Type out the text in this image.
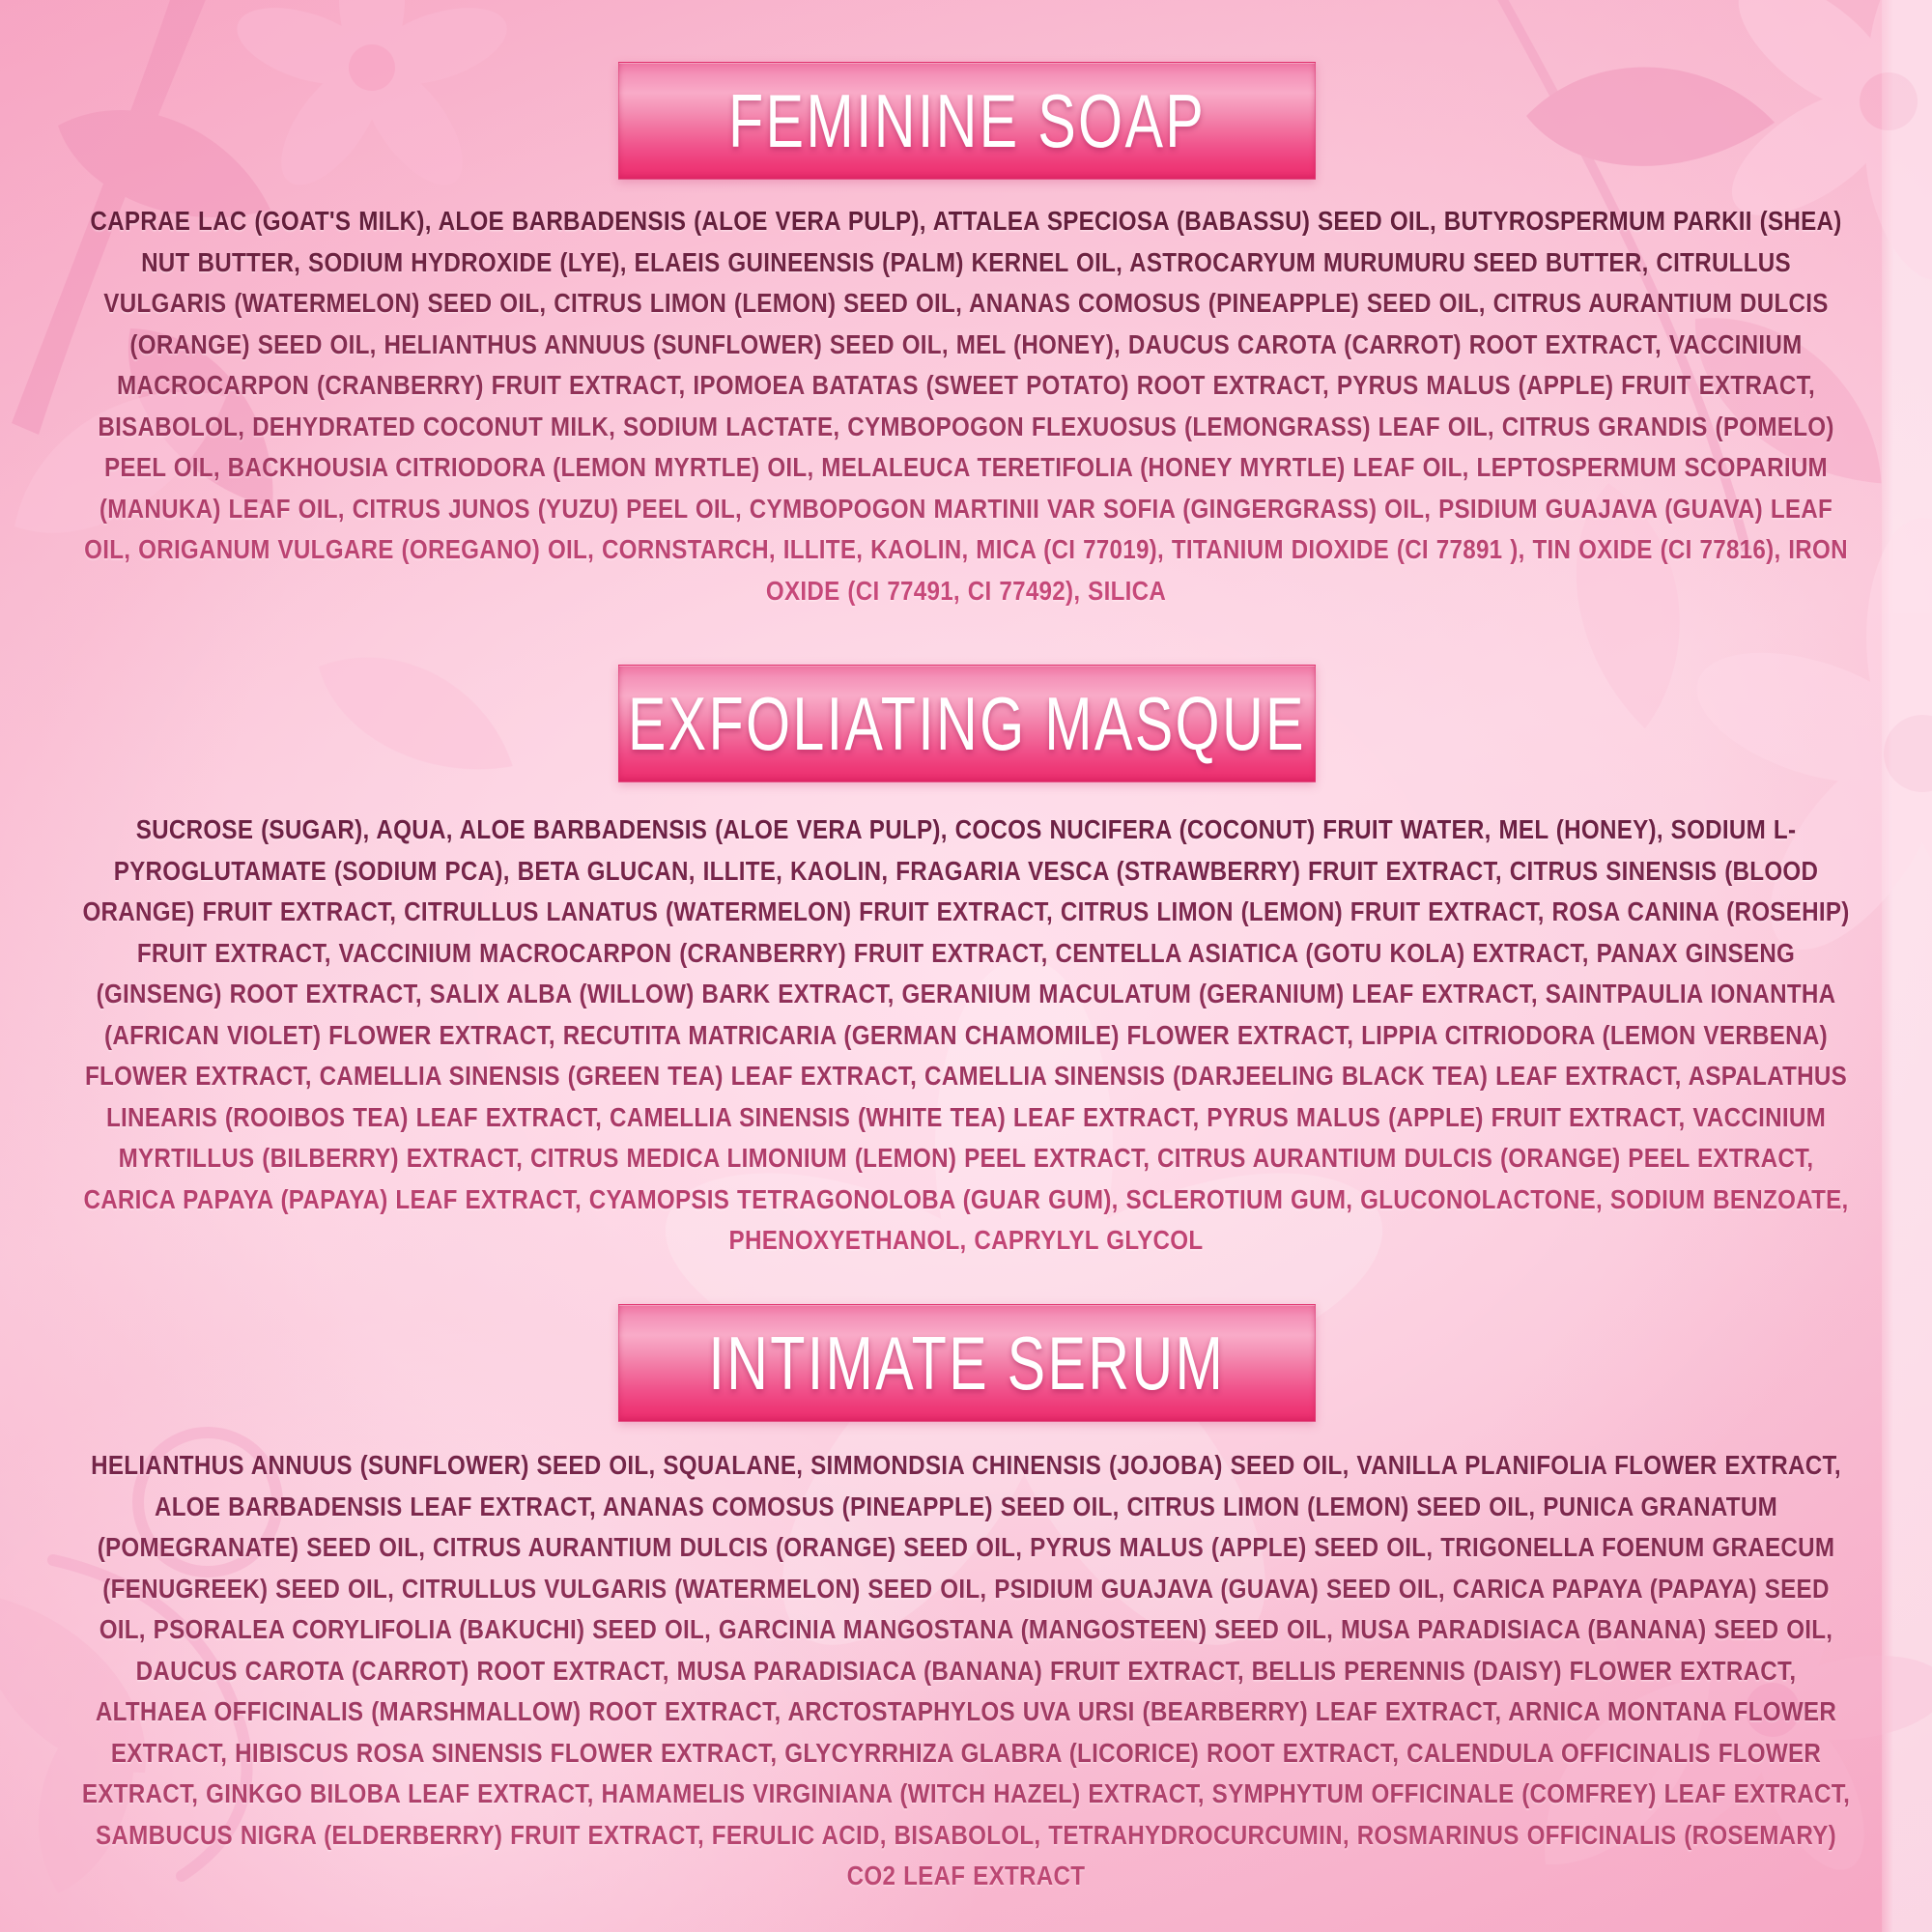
FEMININE SOAP

CAPRAE LAC (GOAT'S MILK), ALOE BARBADENSIS (ALOE VERA PULP), ATTALEA SPECIOSA (BABASSU) SEED OIL, BUTYROSPERMUM PARKII (SHEA) NUT BUTTER, SODIUM HYDROXIDE (LYE), ELAEIS GUINEENSIS (PALM) KERNEL OIL, ASTROCARYUM MURUMURU SEED BUTTER, CITRULLUS VULGARIS (WATERMELON) SEED OIL, CITRUS LIMON (LEMON) SEED OIL, ANANAS COMOSUS (PINEAPPLE) SEED OIL, CITRUS AURANTIUM DULCIS (ORANGE) SEED OIL, HELIANTHUS ANNUUS (SUNFLOWER) SEED OIL, MEL (HONEY), DAUCUS CAROTA (CARROT) ROOT EXTRACT, VACCINIUM MACROCARPON (CRANBERRY) FRUIT EXTRACT, IPOMOEA BATATAS (SWEET POTATO) ROOT EXTRACT, PYRUS MALUS (APPLE) FRUIT EXTRACT, BISABOLOL, DEHYDRATED COCONUT MILK, SODIUM LACTATE, CYMBOPOGON FLEXUOSUS (LEMONGRASS) LEAF OIL, CITRUS GRANDIS (POMELO) PEEL OIL, BACKHOUSIA CITRIODORA (LEMON MYRTLE) OIL, MELALEUCA TERETIFOLIA (HONEY MYRTLE) LEAF OIL, LEPTOSPERMUM SCOPARIUM (MANUKA) LEAF OIL, CITRUS JUNOS (YUZU) PEEL OIL, CYMBOPOGON MARTINII VAR SOFIA (GINGERGRASS) OIL, PSIDIUM GUAJAVA (GUAVA) LEAF OIL, ORIGANUM VULGARE (OREGANO) OIL, CORNSTARCH, ILLITE, KAOLIN, MICA (CI 77019), TITANIUM DIOXIDE (CI 77891 ), TIN OXIDE (CI 77816), IRON OXIDE (CI 77491, CI 77492), SILICA

EXFOLIATING MASQUE

SUCROSE (SUGAR), AQUA, ALOE BARBADENSIS (ALOE VERA PULP), COCOS NUCIFERA (COCONUT) FRUIT WATER, MEL (HONEY), SODIUM L-PYROGLUTAMATE (SODIUM PCA), BETA GLUCAN, ILLITE, KAOLIN, FRAGARIA VESCA (STRAWBERRY) FRUIT EXTRACT, CITRUS SINENSIS (BLOOD ORANGE) FRUIT EXTRACT, CITRULLUS LANATUS (WATERMELON) FRUIT EXTRACT, CITRUS LIMON (LEMON) FRUIT EXTRACT, ROSA CANINA (ROSEHIP) FRUIT EXTRACT, VACCINIUM MACROCARPON (CRANBERRY) FRUIT EXTRACT, CENTELLA ASIATICA (GOTU KOLA) EXTRACT, PANAX GINSENG (GINSENG) ROOT EXTRACT, SALIX ALBA (WILLOW) BARK EXTRACT, GERANIUM MACULATUM (GERANIUM) LEAF EXTRACT, SAINTPAULIA IONANTHA (AFRICAN VIOLET) FLOWER EXTRACT, RECUTITA MATRICARIA (GERMAN CHAMOMILE) FLOWER EXTRACT, LIPPIA CITRIODORA (LEMON VERBENA) FLOWER EXTRACT, CAMELLIA SINENSIS (GREEN TEA) LEAF EXTRACT, CAMELLIA SINENSIS (DARJEELING BLACK TEA) LEAF EXTRACT, ASPALATHUS LINEARIS (ROOIBOS TEA) LEAF EXTRACT, CAMELLIA SINENSIS (WHITE TEA) LEAF EXTRACT, PYRUS MALUS (APPLE) FRUIT EXTRACT, VACCINIUM MYRTILLUS (BILBERRY) EXTRACT, CITRUS MEDICA LIMONIUM (LEMON) PEEL EXTRACT, CITRUS AURANTIUM DULCIS (ORANGE) PEEL EXTRACT, CARICA PAPAYA (PAPAYA) LEAF EXTRACT, CYAMOPSIS TETRAGONOLOBA (GUAR GUM), SCLEROTIUM GUM, GLUCONOLACTONE, SODIUM BENZOATE, PHENOXYETHANOL, CAPRYLYL GLYCOL

INTIMATE SERUM

HELIANTHUS ANNUUS (SUNFLOWER) SEED OIL, SQUALANE, SIMMONDSIA CHINENSIS (JOJOBA) SEED OIL, VANILLA PLANIFOLIA FLOWER EXTRACT, ALOE BARBADENSIS LEAF EXTRACT, ANANAS COMOSUS (PINEAPPLE) SEED OIL, CITRUS LIMON (LEMON) SEED OIL, PUNICA GRANATUM (POMEGRANATE) SEED OIL, CITRUS AURANTIUM DULCIS (ORANGE) SEED OIL, PYRUS MALUS (APPLE) SEED OIL, TRIGONELLA FOENUM GRAECUM (FENUGREEK) SEED OIL, CITRULLUS VULGARIS (WATERMELON) SEED OIL, PSIDIUM GUAJAVA (GUAVA) SEED OIL, CARICA PAPAYA (PAPAYA) SEED OIL, PSORALEA CORYLIFOLIA (BAKUCHI) SEED OIL, GARCINIA MANGOSTANA (MANGOSTEEN) SEED OIL, MUSA PARADISIACA (BANANA) SEED OIL, DAUCUS CAROTA (CARROT) ROOT EXTRACT, MUSA PARADISIACA (BANANA) FRUIT EXTRACT, BELLIS PERENNIS (DAISY) FLOWER EXTRACT, ALTHAEA OFFICINALIS (MARSHMALLOW) ROOT EXTRACT, ARCTOSTAPHYLOS UVA URSI (BEARBERRY) LEAF EXTRACT, ARNICA MONTANA FLOWER EXTRACT, HIBISCUS ROSA SINENSIS FLOWER EXTRACT, GLYCYRRHIZA GLABRA (LICORICE) ROOT EXTRACT, CALENDULA OFFICINALIS FLOWER EXTRACT, GINKGO BILOBA LEAF EXTRACT, HAMAMELIS VIRGINIANA (WITCH HAZEL) EXTRACT, SYMPHYTUM OFFICINALE (COMFREY) LEAF EXTRACT, SAMBUCUS NIGRA (ELDERBERRY) FRUIT EXTRACT, FERULIC ACID, BISABOLOL, TETRAHYDROCURCUMIN, ROSMARINUS OFFICINALIS (ROSEMARY) CO2 LEAF EXTRACT
